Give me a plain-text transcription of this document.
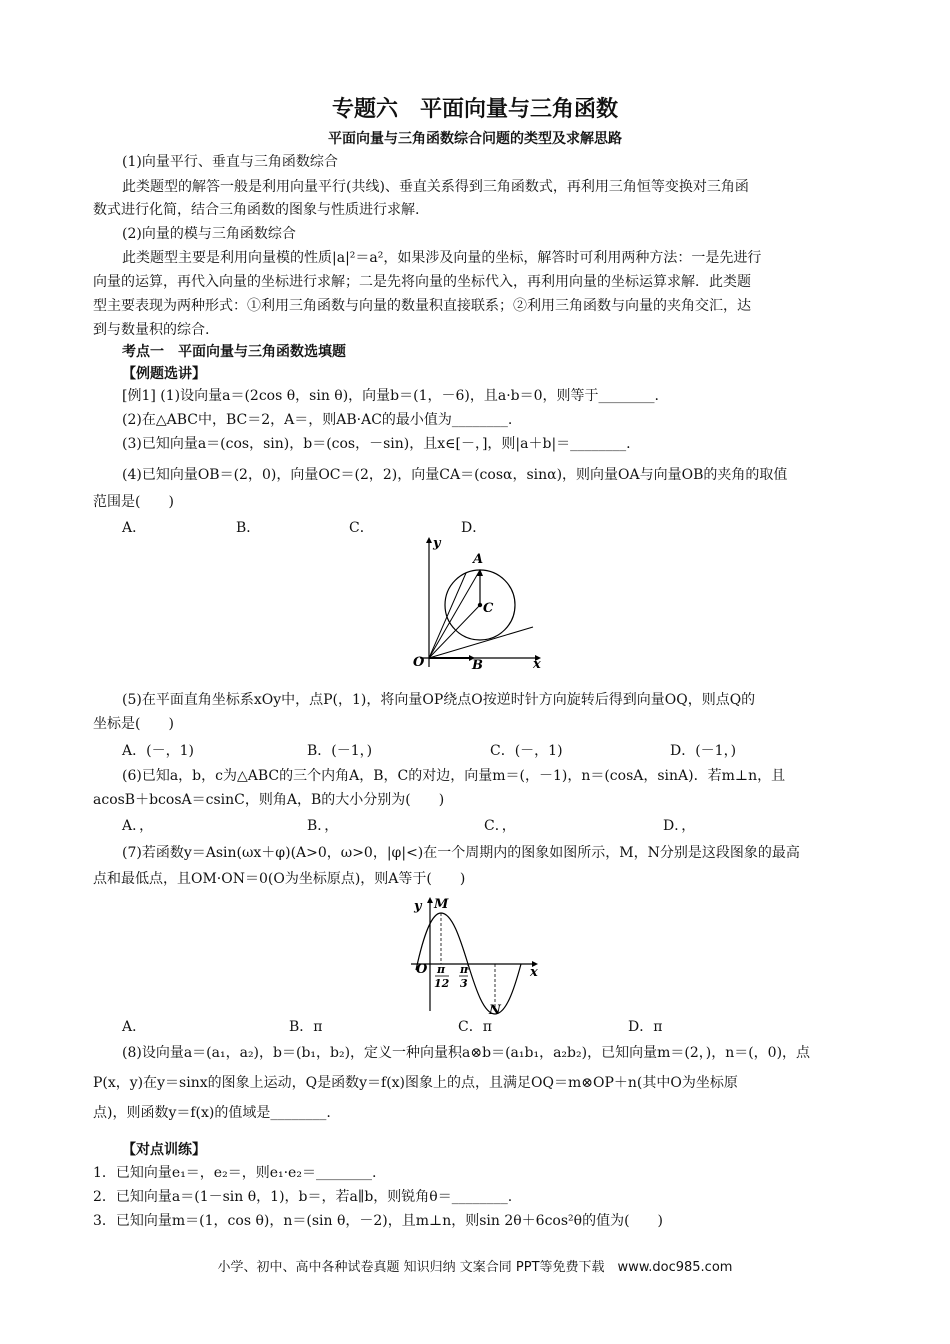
专题六　平面向量与三角函数
平面向量与三角函数综合问题的类型及求解思路
(1)向量平行、垂直与三角函数综合
此类题型的解答一般是利用向量平行(共线)、垂直关系得到三角函数式，再利用三角恒等变换对三角函
数式进行化简，结合三角函数的图象与性质进行求解.
(2)向量的模与三角函数综合
此类题型主要是利用向量模的性质|a|²＝a²，如果涉及向量的坐标，解答时可利用两种方法：一是先进行
向量的运算，再代入向量的坐标进行求解；二是先将向量的坐标代入，再利用向量的坐标运算求解．此类题
型主要表现为两种形式：①利用三角函数与向量的数量积直接联系；②利用三角函数与向量的夹角交汇，达
到与数量积的综合.
考点一　平面向量与三角函数选填题
【例题选讲】
[例1] (1)设向量a＝(2cos θ，sin θ)，向量b＝(1，－6)，且a·b＝0，则等于________.
(2)在△ABC中，BC＝2，A＝，则AB·AC的最小值为________.
(3)已知向量a＝(cos，sin)，b＝(cos，－sin)，且x∈[－，]，则|a＋b|＝________.
(4)已知向量OB＝(2，0)，向量OC＝(2，2)，向量CA＝(cosα，sinα)，则向量OA与向量OB的夹角的取值
范围是(　　)
A．	B．	C．	D．
y
A
C
O	B	x
(5)在平面直角坐标系xOy中，点P(，1)，将向量OP绕点O按逆时针方向旋转后得到向量OQ，则点Q的
坐标是(　　)
A．(－，1)	B．(－1，)	C．(－，1)	D．(－1，)
(6)已知a，b，c为△ABC的三个内角A，B，C的对边，向量m＝(，－1)，n＝(cosA，sinA)．若m⊥n，且
acosB＋bcosA＝csinC，则角A，B的大小分别为(　　)
A．，	B．，	C．，	D．，
(7)若函数y＝Asin(ωx＋φ)(A>0，ω>0，|φ|<)在一个周期内的图象如图所示，M，N分别是这段图象的最高
点和最低点，且OM·ON＝0(O为坐标原点)，则A等于(　　)
y M
O	x
N
π
12
π
3
A．	B．π	C．π	D．π
(8)设向量a＝(a₁，a₂)，b＝(b₁，b₂)，定义一种向量积a⊗b＝(a₁b₁，a₂b₂)，已知向量m＝(2，)，n＝(，0)，点
P(x，y)在y＝sinx的图象上运动，Q是函数y＝f(x)图象上的点，且满足OQ＝m⊗OP＋n(其中O为坐标原
点)，则函数y＝f(x)的值域是________.
【对点训练】
1．已知向量e₁＝，e₂＝，则e₁·e₂＝________.
2．已知向量a＝(1－sin θ，1)，b＝，若a∥b，则锐角θ＝________.
3．已知向量m＝(1，cos θ)，n＝(sin θ，－2)，且m⊥n，则sin 2θ＋6cos²θ的值为(　　)
小学、初中、高中各种试卷真题 知识归纳 文案合同 PPT等免费下载　www.doc985.com
